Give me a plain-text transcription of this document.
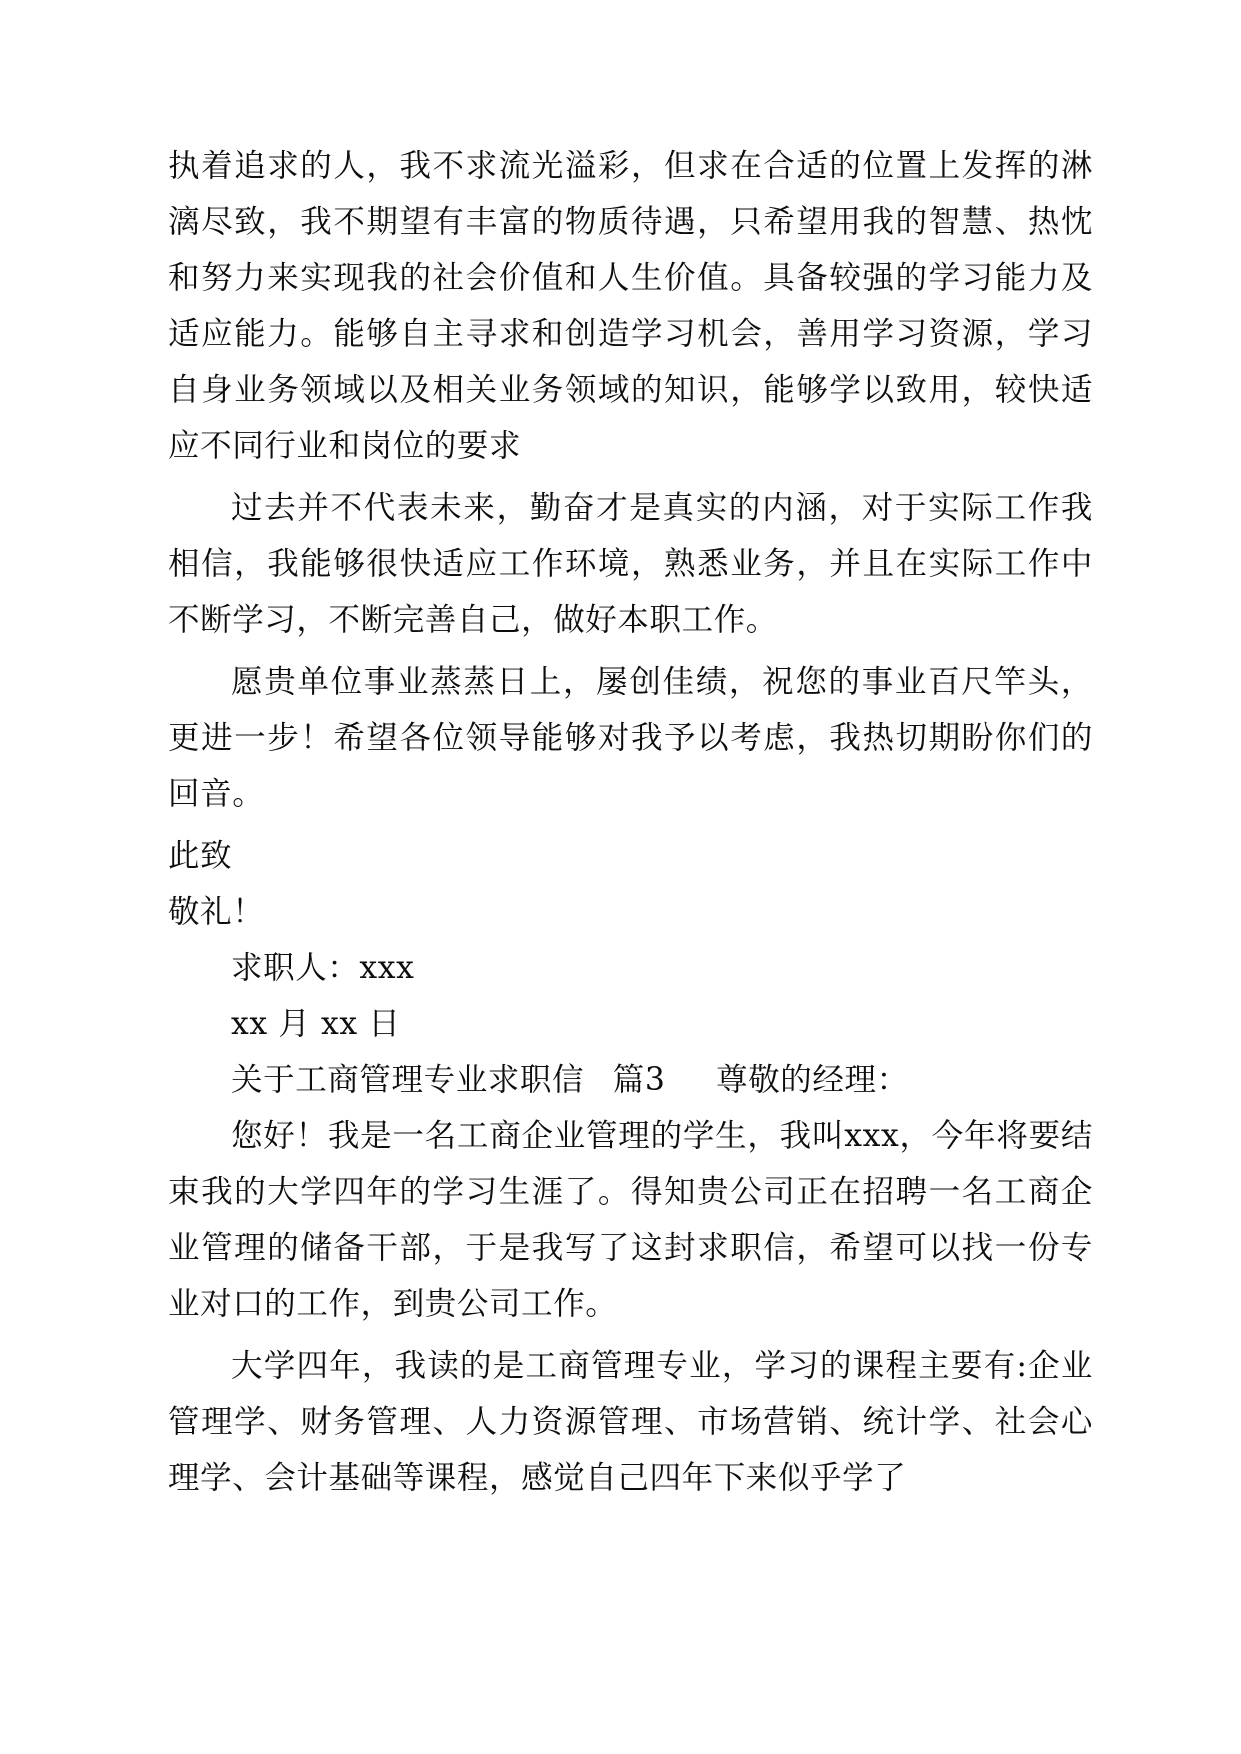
执着追求的人，我不求流光溢彩，但求在合适的位置上发挥的淋漓尽致，我不期望有丰富的物质待遇，只希望用我的智慧、热忱和努力来实现我的社会价值和人生价值。具备较强的学习能力及适应能力。能够自主寻求和创造学习机会，善用学习资源，学习自身业务领域以及相关业务领域的知识，能够学以致用，较快适应不同行业和岗位的要求

过去并不代表未来，勤奋才是真实的内涵，对于实际工作我相信，我能够很快适应工作环境，熟悉业务，并且在实际工作中不断学习，不断完善自己，做好本职工作。

愿贵单位事业蒸蒸日上，屡创佳绩，祝您的事业百尺竿头，更进一步！希望各位领导能够对我予以考虑，我热切期盼你们的回音。

此致

敬礼！

求职人：xxx

xx 月 xx 日

关于工商管理专业求职信 篇3 尊敬的经理：

您好！我是一名工商企业管理的学生，我叫xxx，今年将要结束我的大学四年的学习生涯了。得知贵公司正在招聘一名工商企业管理的储备干部，于是我写了这封求职信，希望可以找一份专业对口的工作，到贵公司工作。

大学四年，我读的是工商管理专业，学习的课程主要有:企业管理学、财务管理、人力资源管理、市场营销、统计学、社会心理学、会计基础等课程，感觉自己四年下来似乎学了
